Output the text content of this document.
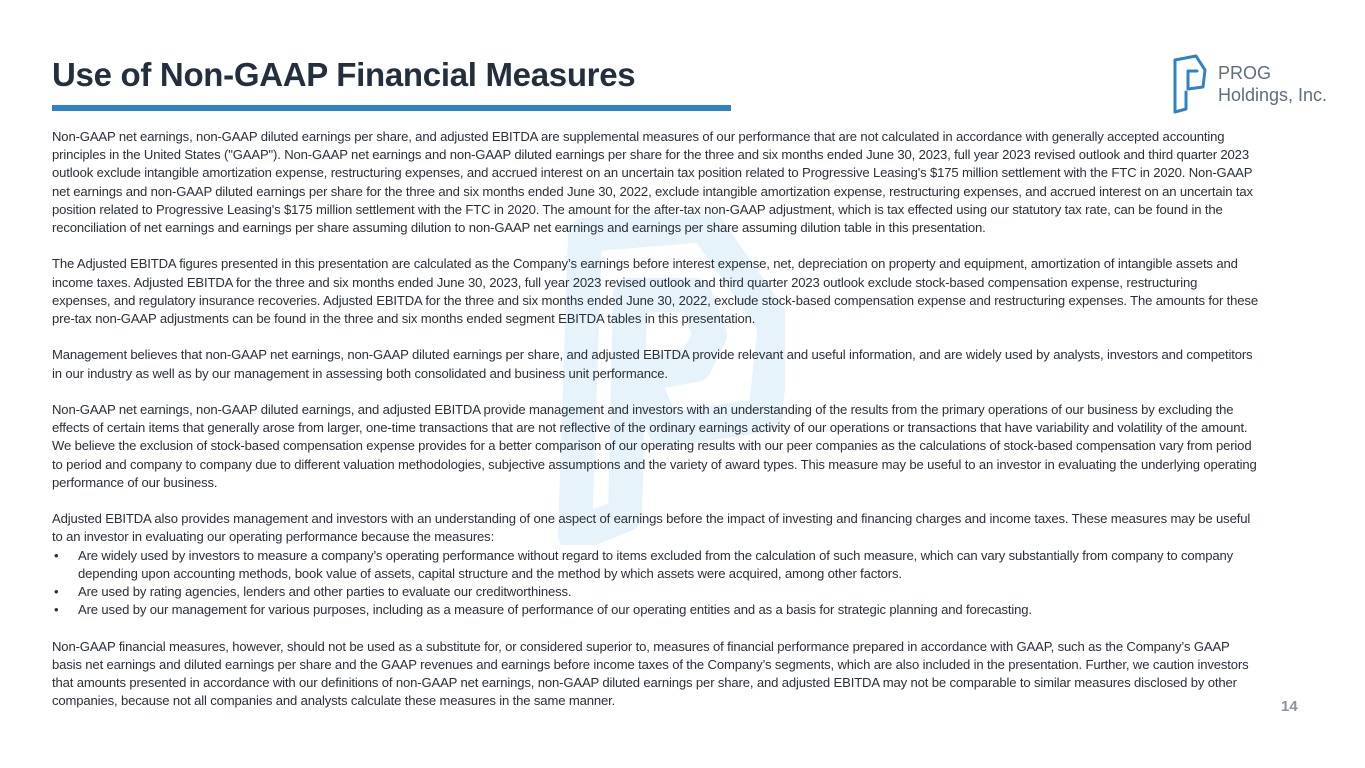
Use of Non-GAAP Financial Measures	PROG
Holdings, Inc.

Non-GAAP net earnings, non-GAAP diluted earnings per share, and adjusted EBITDA are supplemental measures of our performance that are not calculated in accordance with generally accepted accounting principles in the United States ("GAAP"). Non-GAAP net earnings and non-GAAP diluted earnings per share for the three and six months ended June 30, 2023, full year 2023 revised outlook and third quarter 2023 outlook exclude intangible amortization expense, restructuring expenses, and accrued interest on an uncertain tax position related to Progressive Leasing's $175 million settlement with the FTC in 2020. Non-GAAP net earnings and non-GAAP diluted earnings per share for the three and six months ended June 30, 2022, exclude intangible amortization expense, restructuring expenses, and accrued interest on an uncertain tax position related to Progressive Leasing's $175 million settlement with the FTC in 2020. The amount for the after-tax non-GAAP adjustment, which is tax effected using our statutory tax rate, can be found in the reconciliation of net earnings and earnings per share assuming dilution to non-GAAP net earnings and earnings per share assuming dilution table in this presentation.

The Adjusted EBITDA figures presented in this presentation are calculated as the Company’s earnings before interest expense, net, depreciation on property and equipment, amortization of intangible assets and income taxes. Adjusted EBITDA for the three and six months ended June 30, 2023, full year 2023 revised outlook and third quarter 2023 outlook exclude stock-based compensation expense, restructuring expenses, and regulatory insurance recoveries. Adjusted EBITDA for the three and six months ended June 30, 2022, exclude stock-based compensation expense and restructuring expenses. The amounts for these pre-tax non-GAAP adjustments can be found in the three and six months ended segment EBITDA tables in this presentation.

Management believes that non-GAAP net earnings, non-GAAP diluted earnings per share, and adjusted EBITDA provide relevant and useful information, and are widely used by analysts, investors and competitors in our industry as well as by our management in assessing both consolidated and business unit performance.

Non-GAAP net earnings, non-GAAP diluted earnings, and adjusted EBITDA provide management and investors with an understanding of the results from the primary operations of our business by excluding the effects of certain items that generally arose from larger, one-time transactions that are not reflective of the ordinary earnings activity of our operations or transactions that have variability and volatility of the amount. We believe the exclusion of stock-based compensation expense provides for a better comparison of our operating results with our peer companies as the calculations of stock-based compensation vary from period to period and company to company due to different valuation methodologies, subjective assumptions and the variety of award types. This measure may be useful to an investor in evaluating the underlying operating performance of our business.

Adjusted EBITDA also provides management and investors with an understanding of one aspect of earnings before the impact of investing and financing charges and income taxes. These measures may be useful to an investor in evaluating our operating performance because the measures:

• Are widely used by investors to measure a company’s operating performance without regard to items excluded from the calculation of such measure, which can vary substantially from company to company depending upon accounting methods, book value of assets, capital structure and the method by which assets were acquired, among other factors.
• Are used by rating agencies, lenders and other parties to evaluate our creditworthiness.
• Are used by our management for various purposes, including as a measure of performance of our operating entities and as a basis for strategic planning and forecasting.

Non-GAAP financial measures, however, should not be used as a substitute for, or considered superior to, measures of financial performance prepared in accordance with GAAP, such as the Company’s GAAP basis net earnings and diluted earnings per share and the GAAP revenues and earnings before income taxes of the Company’s segments, which are also included in the presentation. Further, we caution investors that amounts presented in accordance with our definitions of non-GAAP net earnings, non-GAAP diluted earnings per share, and adjusted EBITDA may not be comparable to similar measures disclosed by other companies, because not all companies and analysts calculate these measures in the same manner.	14
